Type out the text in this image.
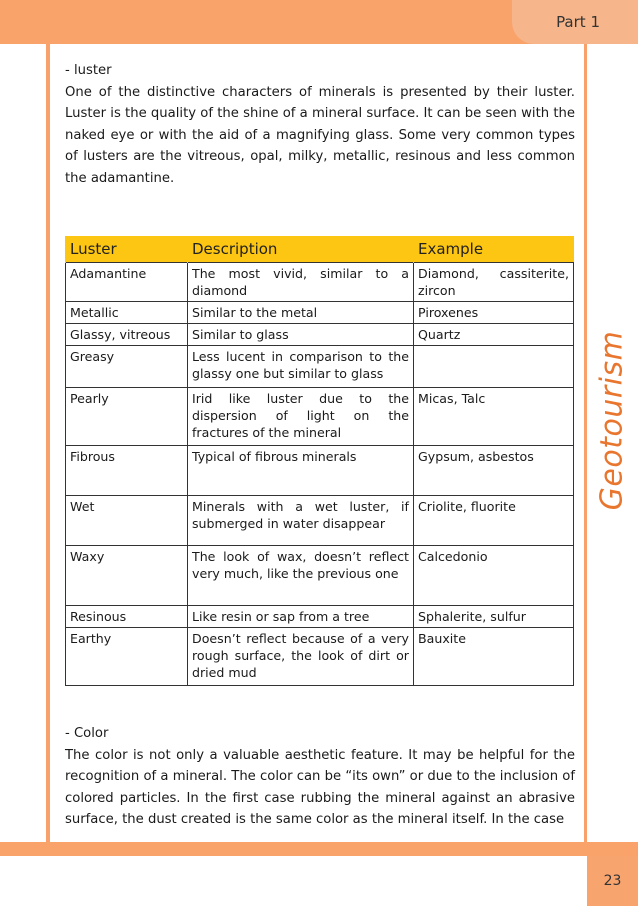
Part 1
Geotourism

- luster

One of the distinctive characters of minerals is presented by their luster. Luster is the quality of the shine of a mineral surface. It can be seen with the naked eye or with the aid of a magnifying glass. Some very common types of lusters are the vitreous, opal, milky, metallic, resinous and less common the adamantine.

Luster	Description	Example
Adamantine	The most vivid, similar to a diamond	Diamond, cassiterite, zircon
Metallic	Similar to the metal	Piroxenes
Glassy, vitreous	Similar to glass	Quartz
Greasy	Less lucent in comparison to the glassy one but similar to glass	
Pearly	Irid like luster due to the dispersion of light on the fractures of the mineral	Micas, Talc
Fibrous	Typical of fibrous minerals	Gypsum, asbestos
Wet	Minerals with a wet luster, if submerged in water disappear	Criolite, fluorite
Waxy	The look of wax, doesn’t reflect very much, like the previous one	Calcedonio
Resinous	Like resin or sap from a tree	Sphalerite, sulfur
Earthy	Doesn’t reflect because of a very rough surface, the look of dirt or dried mud	Bauxite

- Color

The color is not only a valuable aesthetic feature. It may be helpful for the recognition of a mineral. The color can be “its own” or due to the inclusion of colored particles. In the first case rubbing the mineral against an abrasive surface, the dust created is the same color as the mineral itself. In the case

23
